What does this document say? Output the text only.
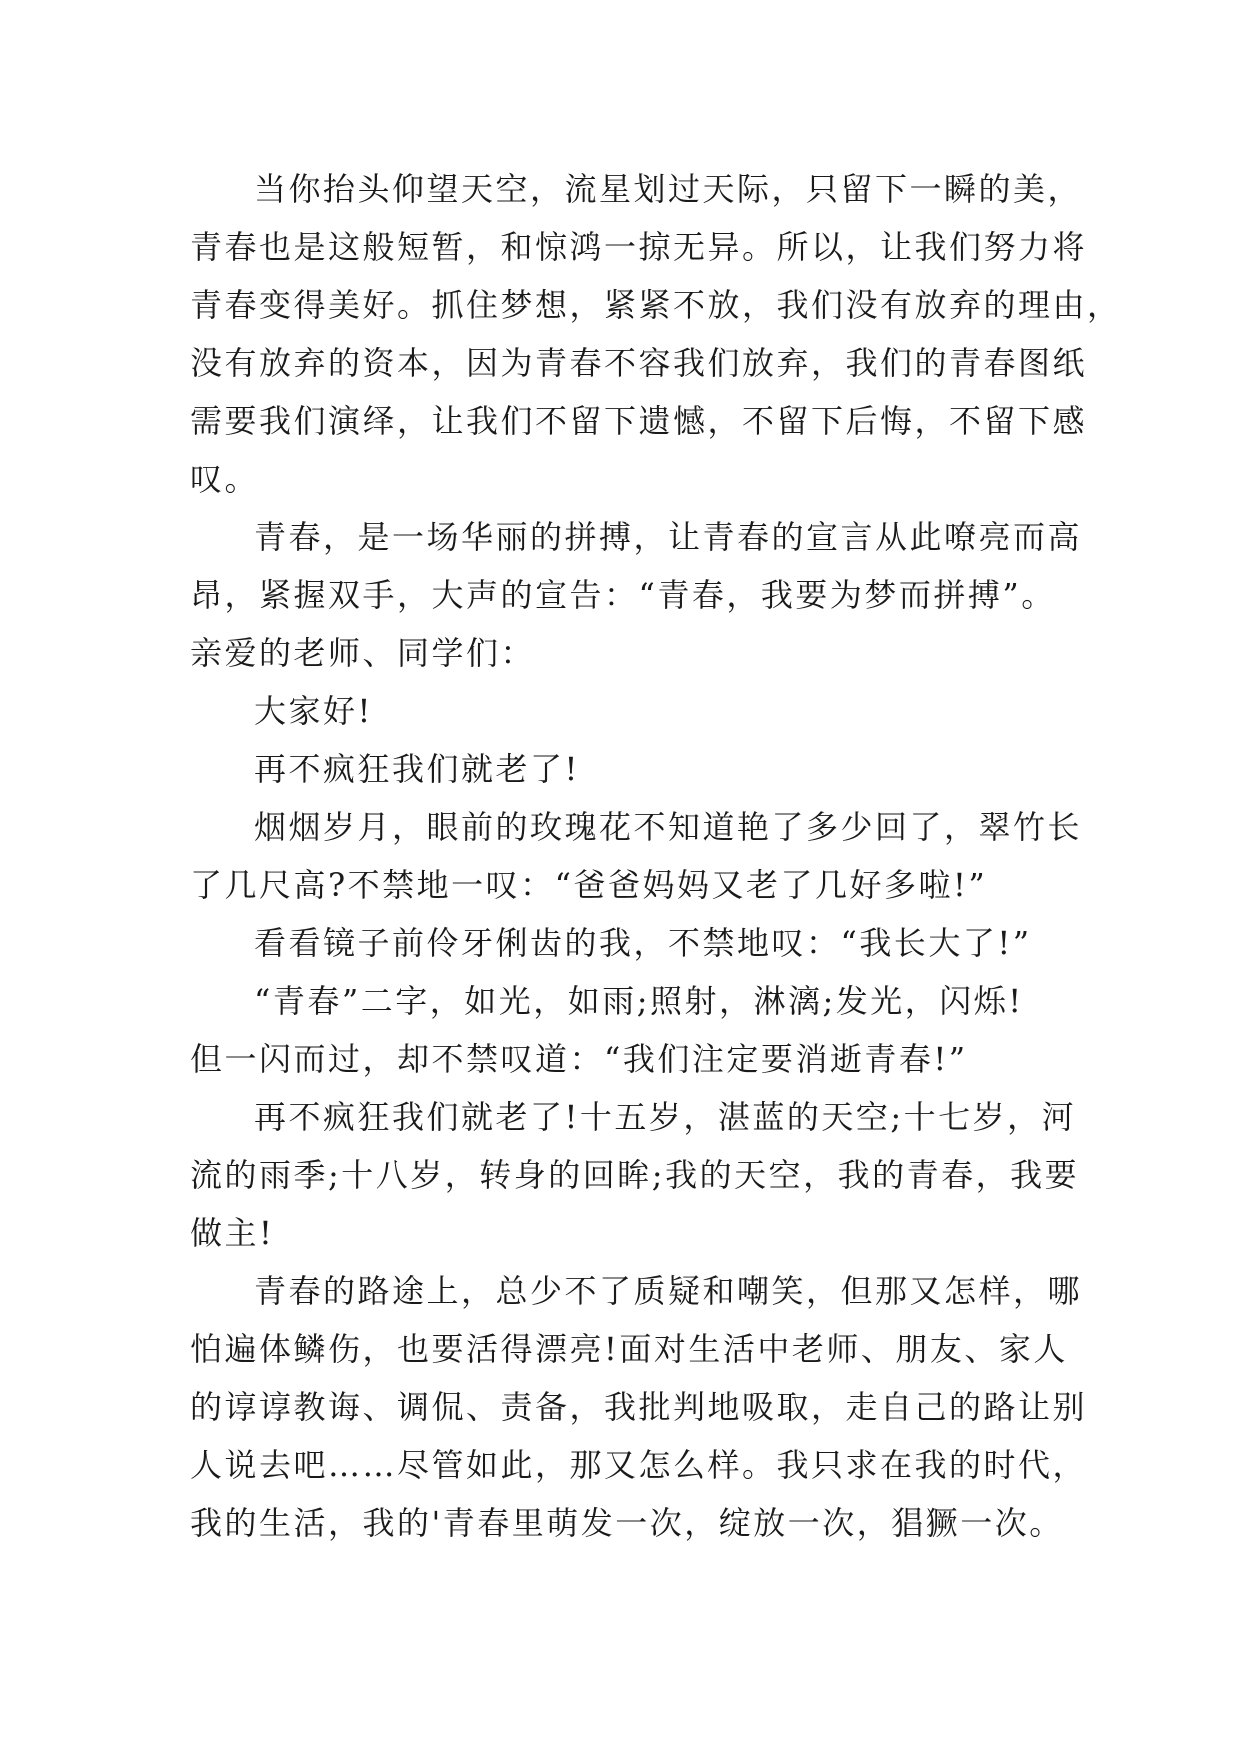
当你抬头仰望天空，流星划过天际，只留下一瞬的美，
青春也是这般短暂，和惊鸿一掠无异。所以，让我们努力将
青春变得美好。抓住梦想，紧紧不放，我们没有放弃的理由，
没有放弃的资本，因为青春不容我们放弃，我们的青春图纸
需要我们演绎，让我们不留下遗憾，不留下后悔，不留下感
叹。
青春，是一场华丽的拼搏，让青春的宣言从此嘹亮而高
昂，紧握双手，大声的宣告：“青春，我要为梦而拼搏”。
亲爱的老师、同学们：
大家好!
再不疯狂我们就老了!
烟烟岁月，眼前的玫瑰花不知道艳了多少回了，翠竹长
了几尺高?不禁地一叹：“爸爸妈妈又老了几好多啦!”
看看镜子前伶牙俐齿的我，不禁地叹：“我长大了!”
“青春”二字，如光，如雨;照射，淋漓;发光，闪烁!
但一闪而过，却不禁叹道：“我们注定要消逝青春!”
再不疯狂我们就老了!十五岁，湛蓝的天空;十七岁，河
流的雨季;十八岁，转身的回眸;我的天空，我的青春，我要
做主!
青春的路途上，总少不了质疑和嘲笑，但那又怎样，哪
怕遍体鳞伤，也要活得漂亮!面对生活中老师、朋友、家人
的谆谆教诲、调侃、责备，我批判地吸取，走自己的路让别
人说去吧……尽管如此，那又怎么样。我只求在我的时代，
我的生活，我的'青春里萌发一次，绽放一次，猖獗一次。
